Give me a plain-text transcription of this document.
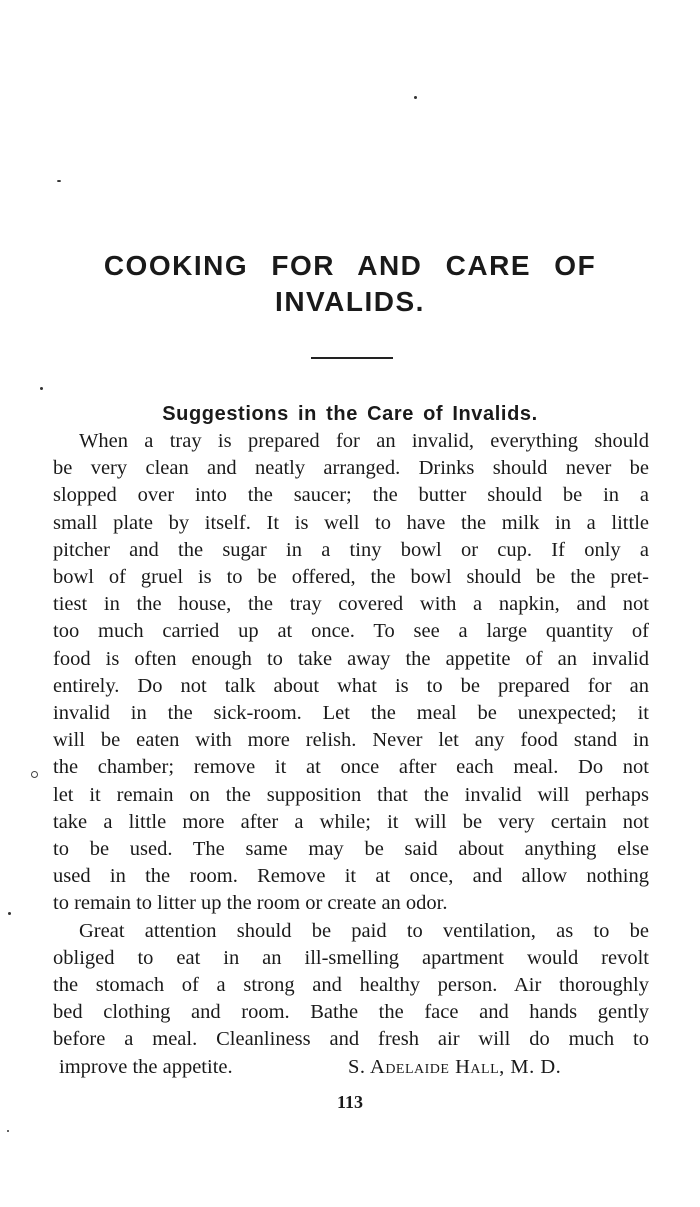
COOKING FOR AND CARE OF
INVALIDS.
Suggestions in the Care of Invalids.
When a tray is prepared for an invalid, everything should
be very clean and neatly arranged. Drinks should never be
slopped over into the saucer; the butter should be in a
small plate by itself. It is well to have the milk in a little
pitcher and the sugar in a tiny bowl or cup. If only a
bowl of gruel is to be offered, the bowl should be the pret-
tiest in the house, the tray covered with a napkin, and not
too much carried up at once. To see a large quantity of
food is often enough to take away the appetite of an invalid
entirely. Do not talk about what is to be prepared for an
invalid in the sick-room. Let the meal be unexpected; it
will be eaten with more relish. Never let any food stand in
the chamber; remove it at once after each meal. Do not
let it remain on the supposition that the invalid will perhaps
take a little more after a while; it will be very certain not
to be used. The same may be said about anything else
used in the room. Remove it at once, and allow nothing
to remain to litter up the room or create an odor.
Great attention should be paid to ventilation, as to be
obliged to eat in an ill-smelling apartment would revolt
the stomach of a strong and healthy person. Air thoroughly
bed clothing and room. Bathe the face and hands gently
before a meal. Cleanliness and fresh air will do much to
improve the appetite.	S. Adelaide Hall, M. D.
113
